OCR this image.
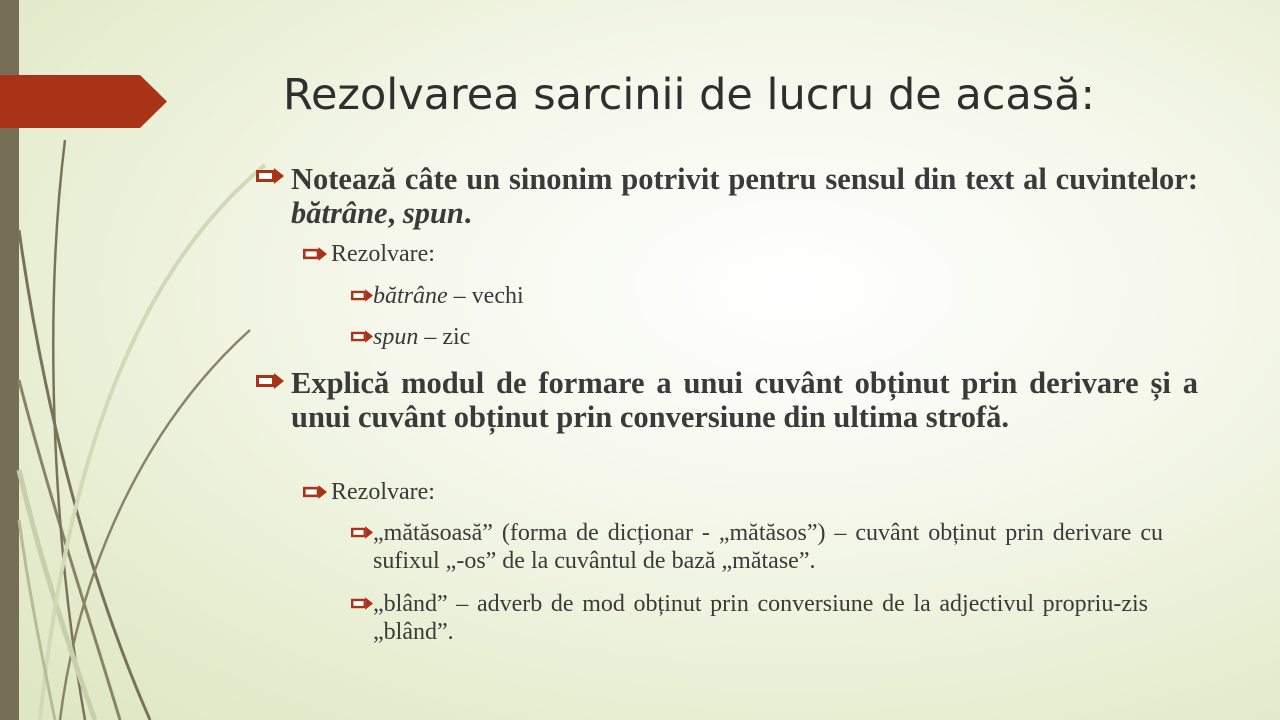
Rezolvarea sarcinii de lucru de acasă:
Notează câte un sinonim potrivit pentru sensul din text al cuvintelor: bătrâne, spun.
Rezolvare:
bătrâne – vechi
spun – zic
Explică modul de formare a unui cuvânt obținut prin derivare și a unui cuvânt obținut prin conversiune din ultima strofă.
Rezolvare:
„mătăsoasă” (forma de dicționar - „mătăsos”) – cuvânt obținut prin derivare cu sufixul „-os” de la cuvântul de bază „mătase”.
„blând” – adverb de mod obținut prin conversiune de la adjectivul propriu-zis „blând”.
